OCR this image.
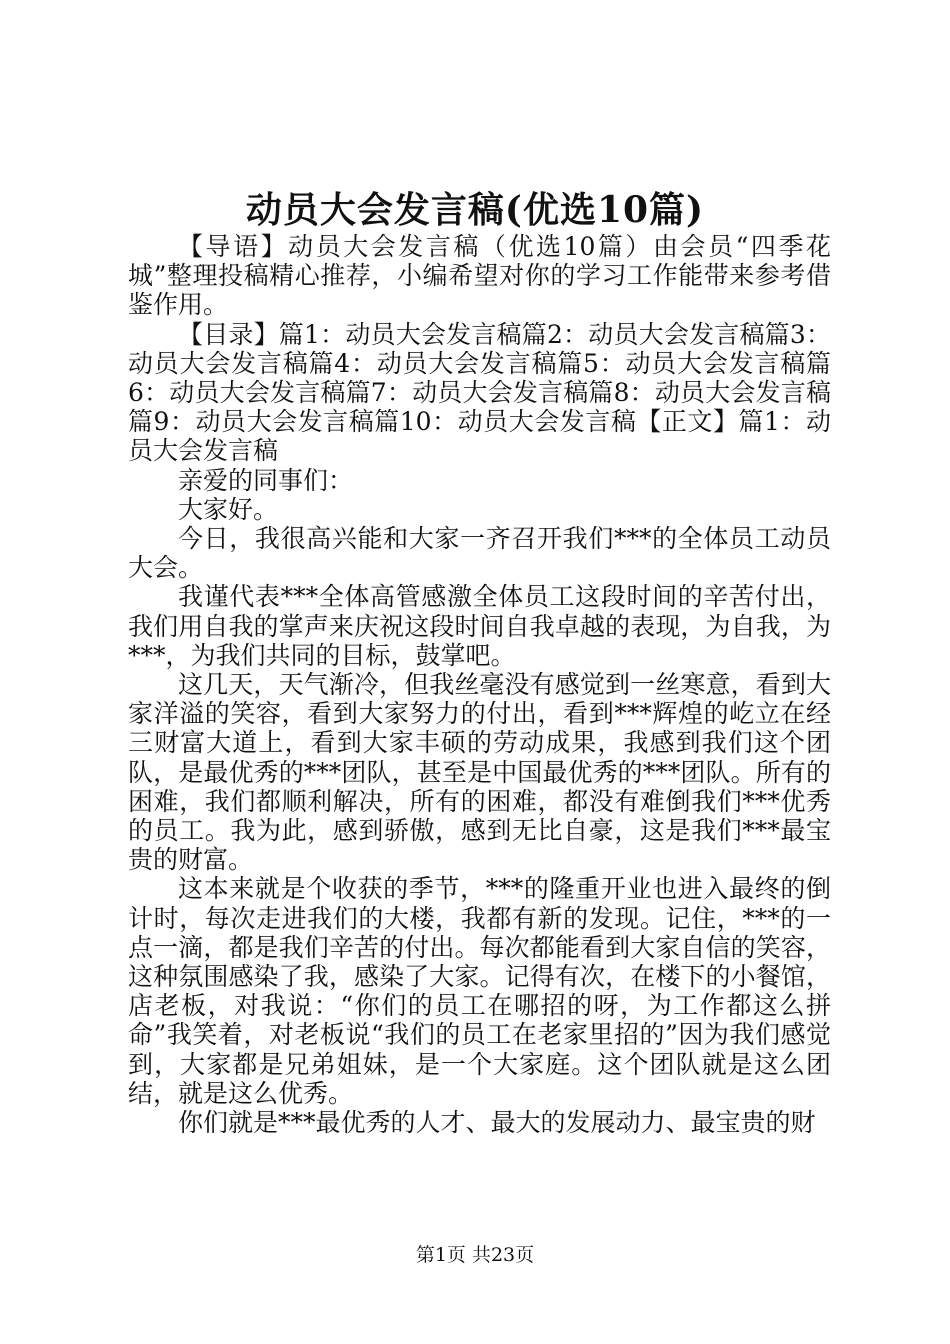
动员大会发言稿(优选10篇)

【导语】动员大会发言稿（优选10篇）由会员“四季花城”整理投稿精心推荐，小编希望对你的学习工作能带来参考借鉴作用。

【目录】篇1：动员大会发言稿篇2：动员大会发言稿篇3：动员大会发言稿篇4：动员大会发言稿篇5：动员大会发言稿篇6：动员大会发言稿篇7：动员大会发言稿篇8：动员大会发言稿篇9：动员大会发言稿篇10：动员大会发言稿【正文】篇1：动员大会发言稿

亲爱的同事们：

大家好。

今日，我很高兴能和大家一齐召开我们***的全体员工动员大会。

我谨代表***全体高管感激全体员工这段时间的辛苦付出，我们用自我的掌声来庆祝这段时间自我卓越的表现，为自我，为***，为我们共同的目标，鼓掌吧。

这几天，天气渐冷，但我丝毫没有感觉到一丝寒意，看到大家洋溢的笑容，看到大家努力的付出，看到***辉煌的屹立在经三财富大道上，看到大家丰硕的劳动成果，我感到我们这个团队，是最优秀的***团队，甚至是中国最优秀的***团队。所有的困难，我们都顺利解决，所有的困难，都没有难倒我们***优秀的员工。我为此，感到骄傲，感到无比自豪，这是我们***最宝贵的财富。

这本来就是个收获的季节，***的隆重开业也进入最终的倒计时，每次走进我们的大楼，我都有新的发现。记住，***的一点一滴，都是我们辛苦的付出。每次都能看到大家自信的笑容，这种氛围感染了我，感染了大家。记得有次，在楼下的小餐馆，店老板，对我说：“你们的员工在哪招的呀，为工作都这么拼命”我笑着，对老板说“我们的员工在老家里招的”因为我们感觉到，大家都是兄弟姐妹，是一个大家庭。这个团队就是这么团结，就是这么优秀。

你们就是***最优秀的人才、最大的发展动力、最宝贵的财

第1页 共23页
